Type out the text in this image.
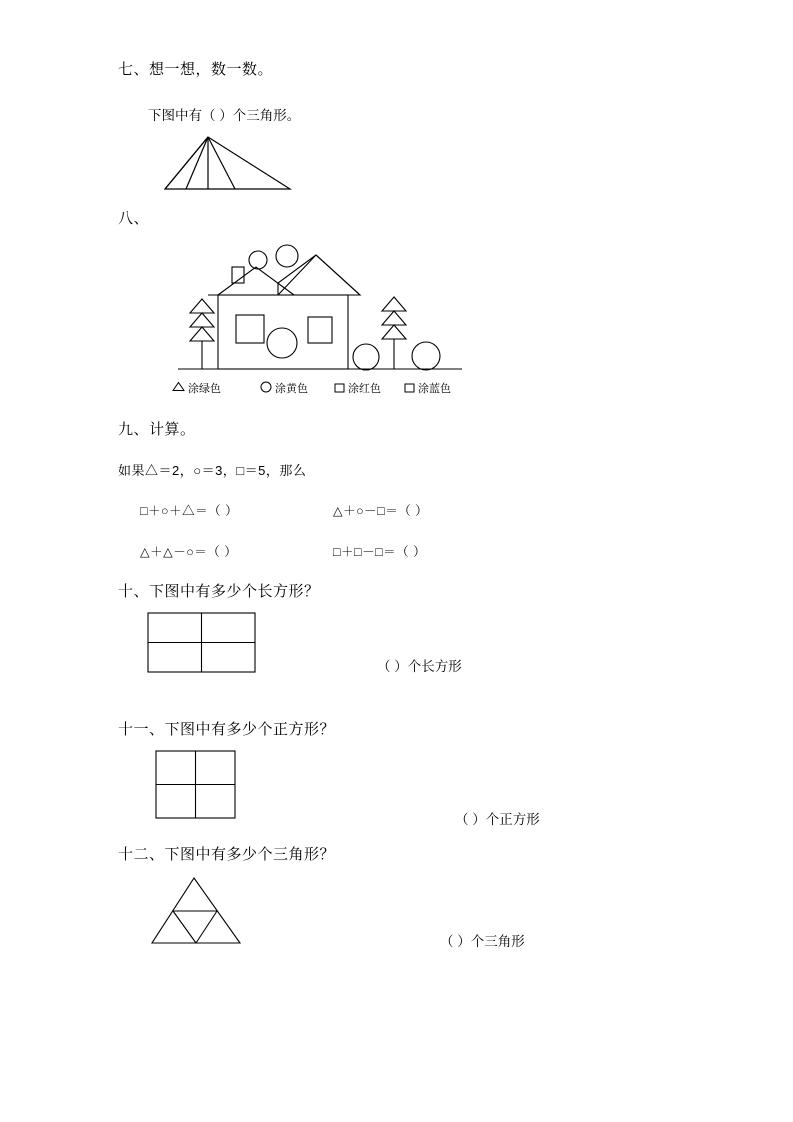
七、想一想，数一数。
下图中有（ ）个三角形。
八、
涂绿色	涂黄色	涂红色	涂蓝色
九、计算。
如果△＝2，○＝3，□＝5，那么
□＋○＋△＝（ ）	△＋○－□＝（ ）
△＋△－○＝（ ）	□＋□－□＝（ ）
十、下图中有多少个长方形？
（ ）个长方形
十一、下图中有多少个正方形？
（ ）个正方形
十二、下图中有多少个三角形？
（ ）个三角形
